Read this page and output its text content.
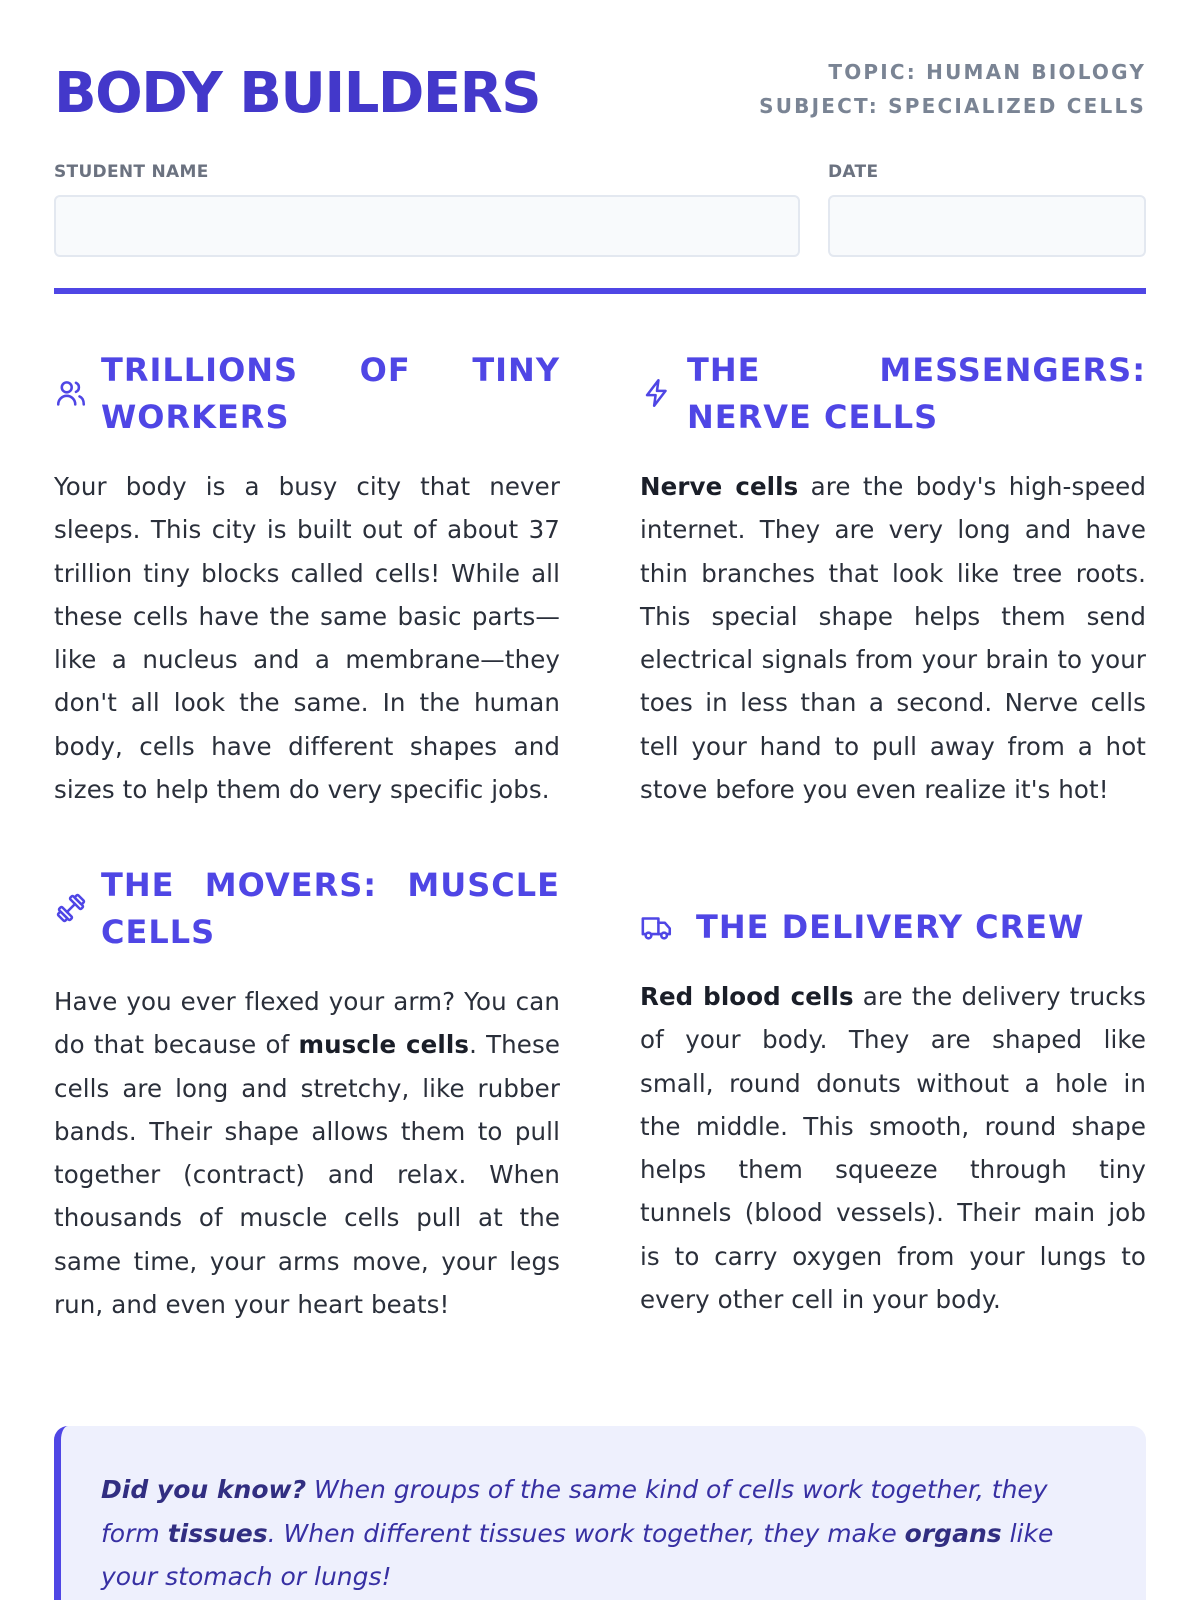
BODY BUILDERS	TOPIC: HUMAN BIOLOGY
SUBJECT: SPECIALIZED CELLS
STUDENT NAME	DATE
TRILLIONS OF TINY WORKERS

Your body is a busy city that never sleeps. This city is built out of about 37 trillion tiny blocks called cells! While all these cells have the same basic parts—like a nucleus and a membrane—they don't all look the same. In the human body, cells have different shapes and sizes to help them do very specific jobs.

THE MESSENGERS: NERVE CELLS

Nerve cells are the body's high-speed internet. They are very long and have thin branches that look like tree roots. This special shape helps them send electrical signals from your brain to your toes in less than a second. Nerve cells tell your hand to pull away from a hot stove before you even realize it's hot!

THE MOVERS: MUSCLE CELLS

Have you ever flexed your arm? You can do that because of muscle cells. These cells are long and stretchy, like rubber bands. Their shape allows them to pull together (contract) and relax. When thousands of muscle cells pull at the same time, your arms move, your legs run, and even your heart beats!

THE DELIVERY CREW

Red blood cells are the delivery trucks of your body. They are shaped like small, round donuts without a hole in the middle. This smooth, round shape helps them squeeze through tiny tunnels (blood vessels). Their main job is to carry oxygen from your lungs to every other cell in your body.

Did you know? When groups of the same kind of cells work together, they form tissues. When different tissues work together, they make organs like your stomach or lungs!
